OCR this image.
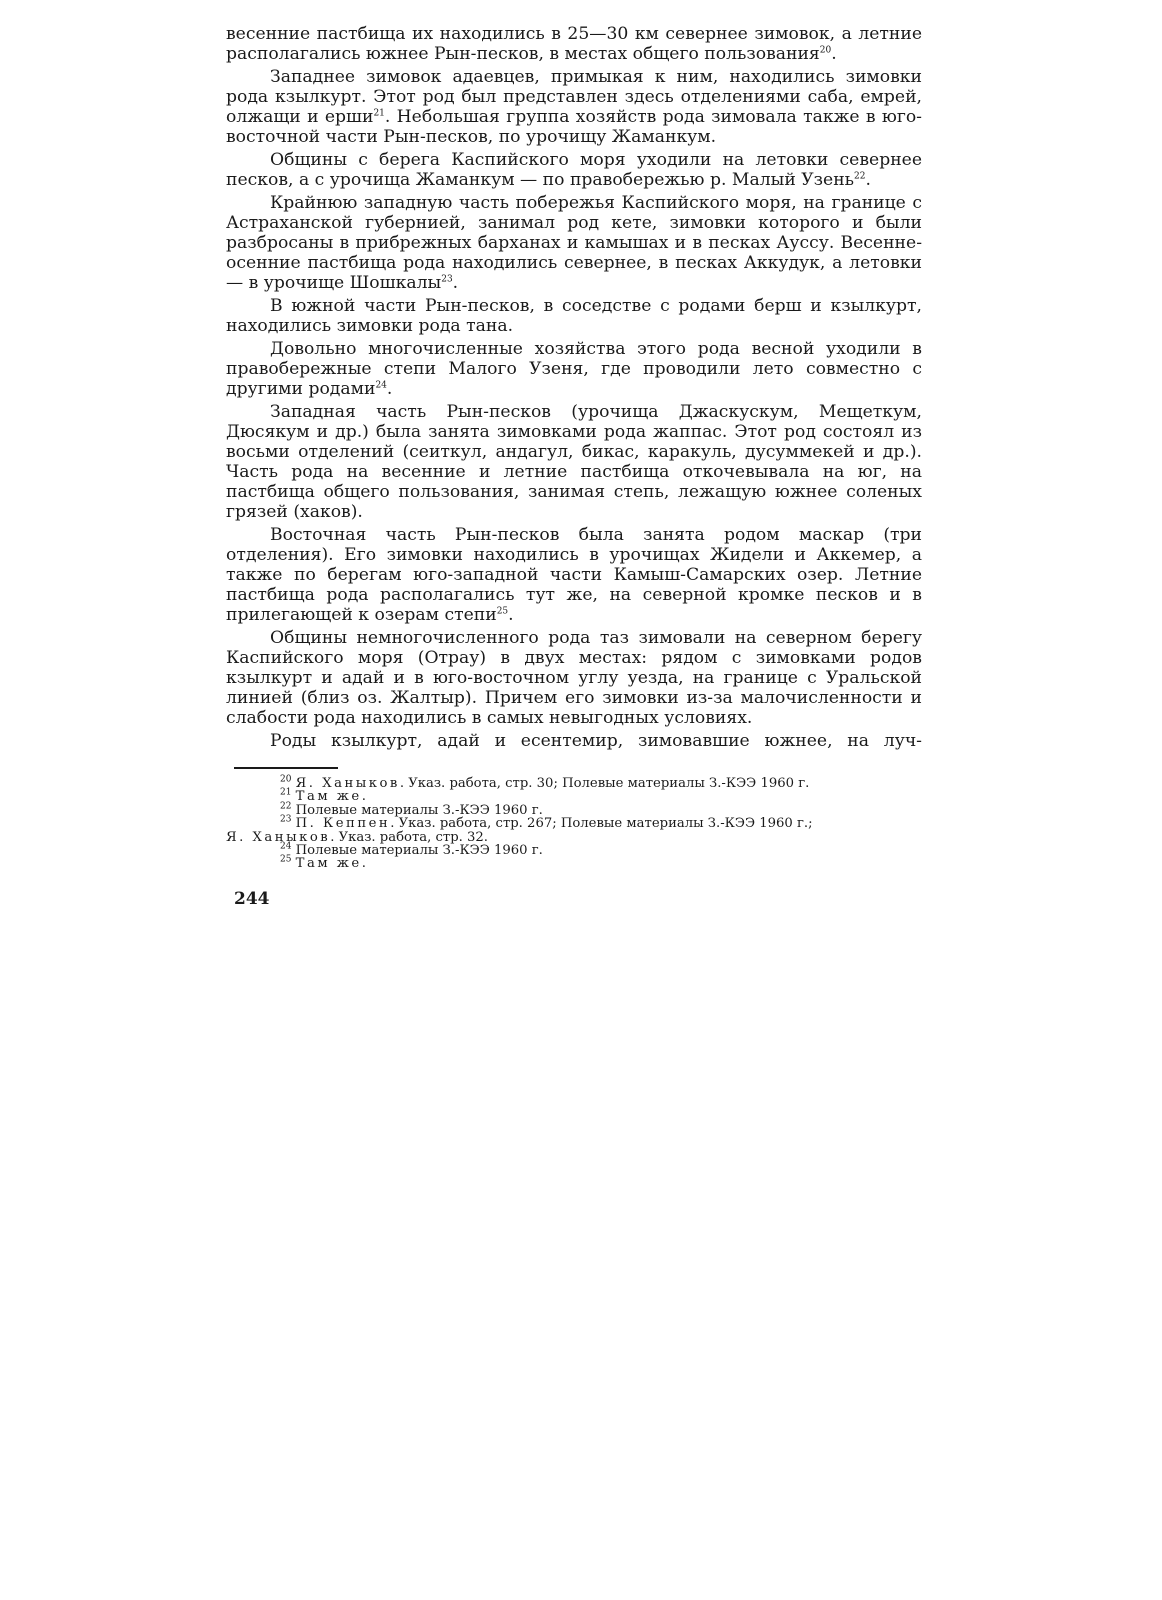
весенние пастбища их находились в 25—30 км севернее зимовок, а летние располагались южнее Рын-песков, в местах общего пользования$^{20}$.

Западнее зимовок адаевцев, примыкая к ним, находились зимовки рода кзылкурт. Этот род был представлен здесь отделениями саба, емрей, олжащи и ерши$^{21}$. Небольшая группа хозяйств рода зимовала также в юго-восточной части Рын-песков, по урочищу Жаманкум.

Общины с берега Каспийского моря уходили на летовки севернее песков, а с урочища Жаманкум — по правобережью р. Малый Узень$^{22}$.

Крайнюю западную часть побережья Каспийского моря, на границе с Астраханской губернией, занимал род кете, зимовки которого и были разбросаны в прибрежных барханах и камышах и в песках Ауссу. Весенне-осенние пастбища рода находились севернее, в песках Аккудук, а летовки — в урочище Шошкалы$^{23}$.

В южной части Рын-песков, в соседстве с родами берш и кзылкурт, находились зимовки рода тана.

Довольно многочисленные хозяйства этого рода весной уходили в правобережные степи Малого Узеня, где проводили лето совместно с другими родами$^{24}$.

Западная часть Рын-песков (урочища Джаскускум, Мещеткум, Дюсякум и др.) была занята зимовками рода жаппас. Этот род состоял из восьми отделений (сеиткул, андагул, бикас, каракуль, дусуммекей и др.). Часть рода на весенние и летние пастбища откочевывала на юг, на пастбища общего пользования, занимая степь, лежащую южнее соленых грязей (хаков).

Восточная часть Рын-песков была занята родом маскар (три отделения). Его зимовки находились в урочищах Жидели и Аккемер, а также по берегам юго-западной части Камыш-Самарских озер. Летние пастбища рода располагались тут же, на северной кромке песков и в прилегающей к озерам степи$^{25}$.

Общины немногочисленного рода таз зимовали на северном берегу Каспийского моря (Отрау) в двух местах: рядом с зимовками родов кзылкурт и адай и в юго-восточном углу уезда, на границе с Уральской линией (близ оз. Жалтыр). Причем его зимовки из-за малочисленности и слабости рода находились в самых невыгодных условиях.

Роды кзылкурт, адай и есентемир, зимовавшие южнее, на луч-

$^{20}$ Я. Ханыков. Указ. работа, стр. 30; Полевые материалы З.-КЭЭ 1960 г.

$^{21}$ Там же.

$^{22}$ Полевые материалы З.-КЭЭ 1960 г.

$^{23}$ П. Кеппен. Указ. работа, стр. 267; Полевые материалы З.-КЭЭ 1960 г.;

Я. Ханыков. Указ. работа, стр. 32.

$^{24}$ Полевые материалы З.-КЭЭ 1960 г.

$^{25}$ Там же.

244
